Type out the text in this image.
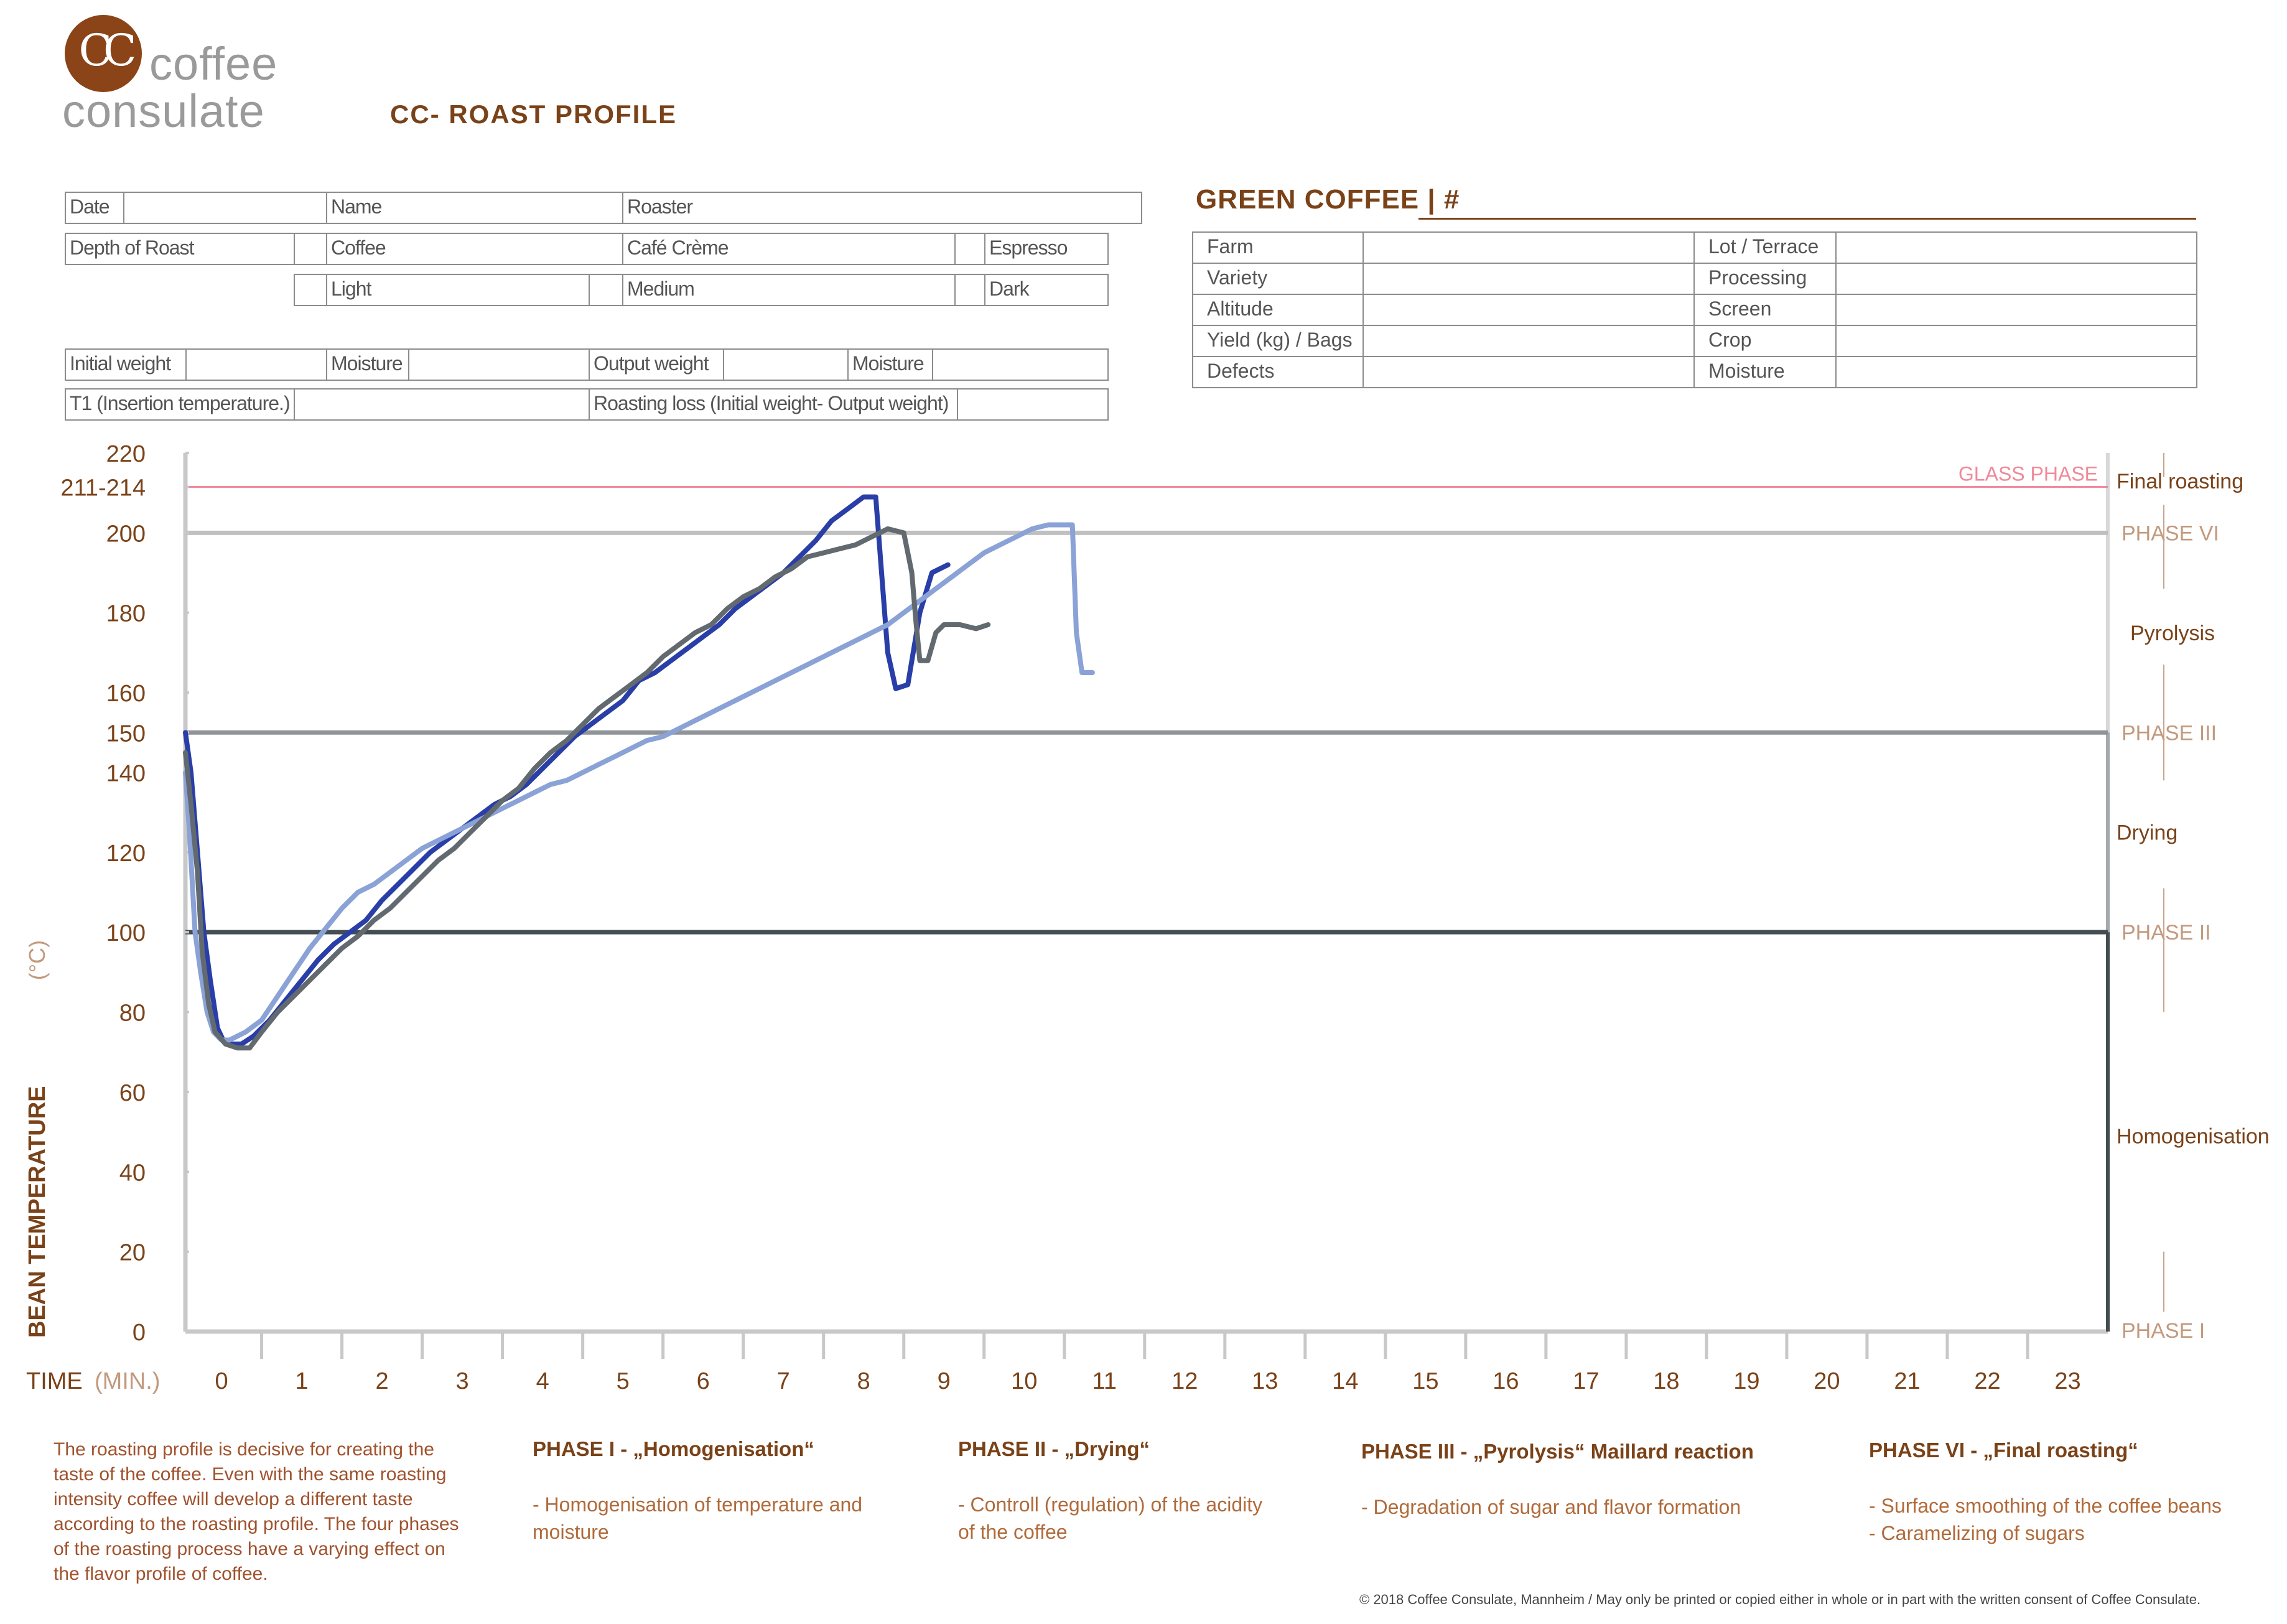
CC coffee
consulate	CC- ROAST PROFILE
Date	Name	Roaster
Depth of Roast	Coffee	Café Crème	Espresso
Light	Medium	Dark
Initial weight	Moisture	Output weight	Moisture
T1 (Insertion temperature.)	Roasting loss (Initial weight- Output weight)
GREEN COFFEE | #
Farm	Lot / Terrace
Variety	Processing
Altitude	Screen
Yield (kg) / Bags	Crop
Defects	Moisture
PHASE II
PHASE III
PHASE VI
PHASE I
GLASS PHASE Final roasting
Pyrolysis
Drying
Homogenisation
0
20
40
60
80
100
120
140
150
160
180
200
211-214
220
0	1	2	3	4	5	6	7	8	9	10 11 12 13 14 15 16 17 18 19 20 21 22 23
TIME (MIN.)
BEAN TEMPERATURE
(°C)
The roasting profile is decisive for creating the taste of the coffee. Even with the same roasting intensity coffee will develop a different taste according to the roasting profile. The four phases of the roasting process have a varying effect on the flavor profile of coffee.
PHASE I - „Homogenisation“
- Homogenisation of temperature and
moisture
PHASE II - „Drying“
- Controll (regulation) of the acidity
of the coffee
PHASE III - „Pyrolysis“ Maillard reaction
- Degradation of sugar and flavor formation
PHASE VI - „Final roasting“
- Surface smoothing of the coffee beans
- Caramelizing of sugars
© 2018 Coffee Consulate, Mannheim / May only be printed or copied either in whole or in part with the written consent of Coffee Consulate.
